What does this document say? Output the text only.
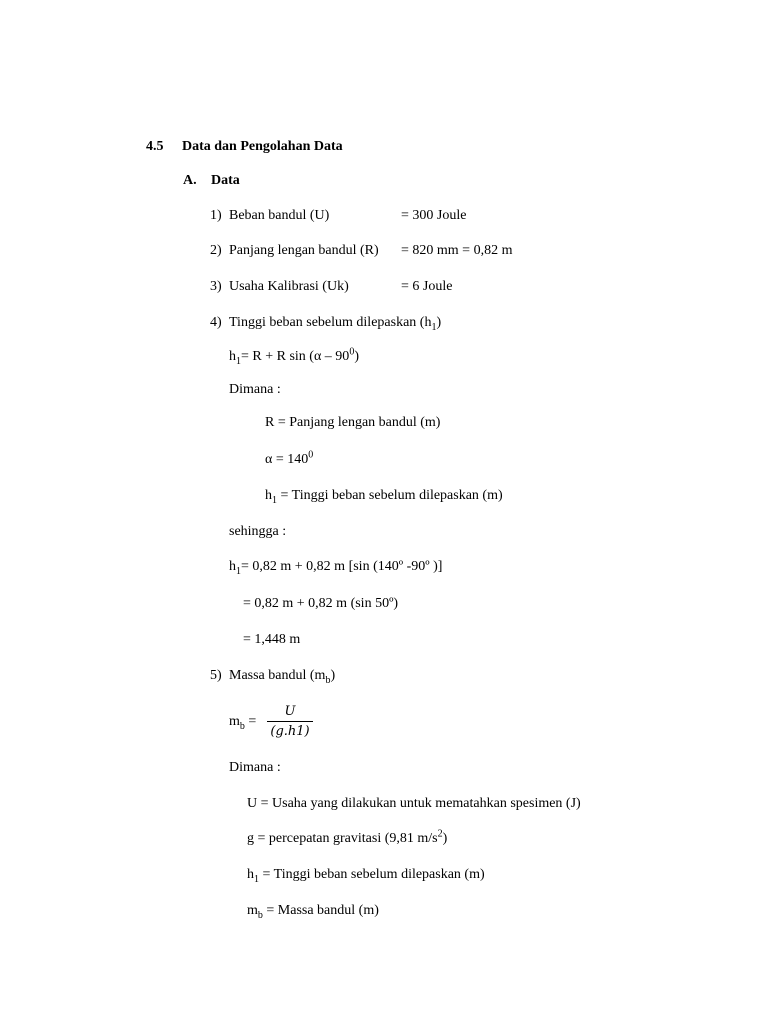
4.5 Data dan Pengolahan Data
A. Data
1) Beban bandul (U)	= 300 Joule
2) Panjang lengan bandul (R) = 820 mm = 0,82 m
3) Usaha Kalibrasi (Uk)	= 6 Joule
4) Tinggi beban sebelum dilepaskan $(h_1)$
$h_1= R + R$ $\sin (\alpha - 90^0)$
Dimana :
R = Panjang lengan bandul (m)
$\alpha = 140^0$
$h_1$ = Tinggi beban sebelum dilepaskan (m)
sehingga :
$h_1= 0,82$ m + 0,82 m [sin (140º -90º )]
= 0,82 m + 0,82 m (sin 50º)
= 1,448 m
5) Massa bandul $(m_b)$
$m_b$ =
U
(g.h1)
Dimana :
U = Usaha yang dilakukan untuk mematahkan spesimen (J)
g = percepatan gravitasi (9,81 $m/s^2$)
$h_1$ = Tinggi beban sebelum dilepaskan (m)
$m_b$ = Massa bandul (m)
